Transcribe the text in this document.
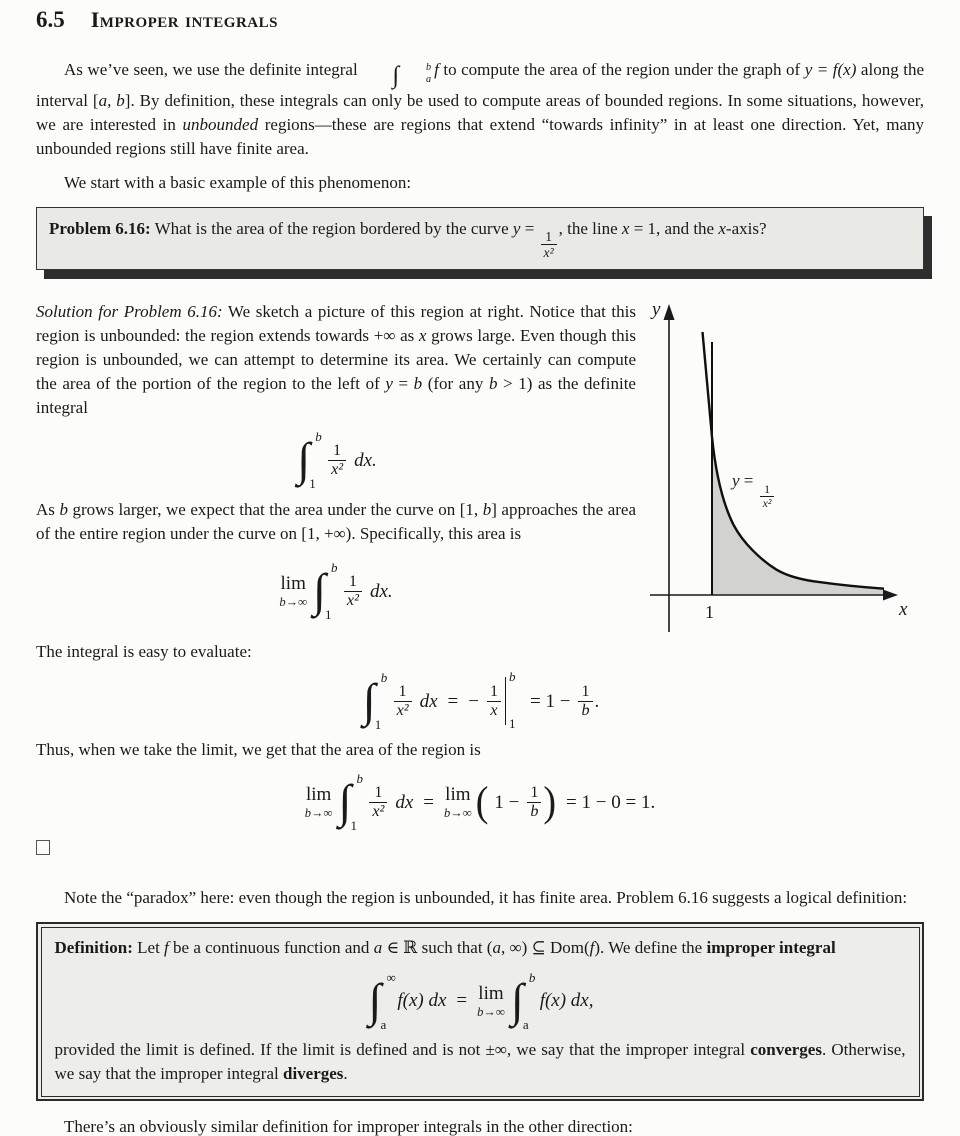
6.5 Improper integrals

As we’ve seen, we use the definite integral ∫	b
a
f to compute the area of the region under the graph of y = f(x) along the interval [a, b]. By definition, these integrals can only be used to compute areas of bounded regions. In some situations, however, we are interested in unbounded regions—these are regions that extend “towards infinity” in at least one direction. Yet, many unbounded regions still have finite area.

We start with a basic example of this phenomenon:

Problem 6.16: What is the area of the region bordered by the curve y =
$\frac{1}{\text{x²}}$
, the line x = 1, and the x-axis?

Solution for Problem 6.16: We sketch a picture of this region at right. Notice that this region is unbounded: the region extends towards +∞ as x grows large. Even though this region is unbounded, we can attempt to determine its area. We certainly can compute the area of the portion of the region to the left of y = b (for any b > 1) as the definite integral

∫ b
1
$\frac{1}{\text{x²}}$ dx.

As b grows larger, we expect that the area under the curve on [1, b] approaches the area of the entire region under the curve on [1, +∞). Specifically, this area is

lim
b→∞ ∫ b
1
$\frac{1}{\text{x²}}$ dx.
y
x
1
y =
$\frac{1}{\text{x²}}$

The integral is easy to evaluate:

∫ b
1
$\frac{1}{\text{x²}}$ dx = − $\frac{1}{x}$
b
1
= $1 - \frac{1}{b}$ .

Thus, when we take the limit, we get that the area of the region is

lim
b→∞ ∫ b
1
$\frac{1}{\text{x²}}$ dx = lim
b→∞ ( $1 - \frac{1}{b}$ ) = 1 − 0 = 1.

Note the “paradox” here: even though the region is unbounded, it has finite area. Problem 6.16 suggests a logical definition:

Definition: Let f be a continuous function and a ∈ ℝ such that (a, ∞) ⊆ Dom(f). We define the improper integral

∫ ∞
a
f(x) dx = lim
b→∞ ∫ b
a
f(x) dx,

provided the limit is defined. If the limit is defined and is not ±∞, we say that the improper integral converges. Otherwise, we say that the improper integral diverges.

There’s an obviously similar definition for improper integrals in the other direction:
